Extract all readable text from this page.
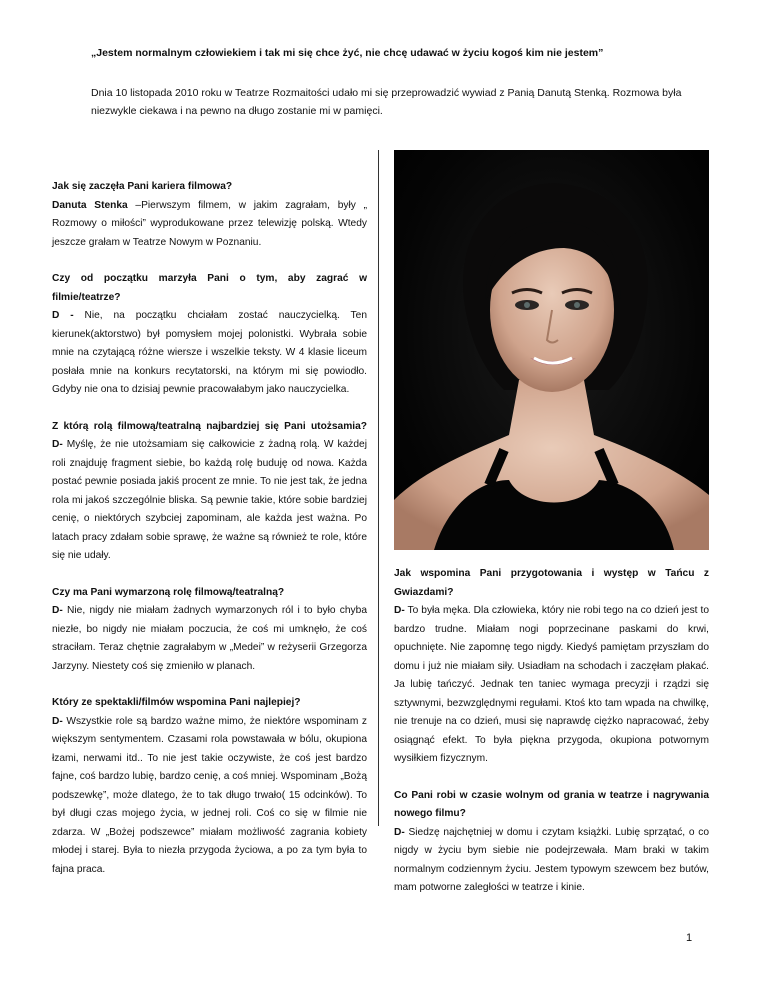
„Jestem normalnym człowiekiem i tak mi się chce żyć, nie chcę udawać w życiu kogoś kim nie jestem”
Dnia 10 listopada 2010 roku w Teatrze Rozmaitości udało mi się przeprowadzić wywiad z Panią Danutą Stenką. Rozmowa była niezwykle ciekawa i na pewno na długo zostanie mi w pamięci.
Jak się zaczęła Pani kariera filmowa?
Danuta Stenka –Pierwszym filmem, w jakim zagrałam, były „ Rozmowy o miłości” wyprodukowane przez telewizję polską. Wtedy jeszcze grałam w Teatrze Nowym w Poznaniu.
Czy od początku marzyła Pani o tym, aby zagrać w filmie/teatrze?
D - Nie, na początku chciałam zostać nauczycielką. Ten kierunek(aktorstwo) był pomysłem mojej polonistki. Wybrała sobie mnie na czytającą różne wiersze i wszelkie teksty. W 4 klasie liceum posłała mnie na konkurs recytatorski, na którym mi się powiodło. Gdyby nie ona to dzisiaj pewnie pracowałabym jako nauczycielka.
Z którą rolą filmową/teatralną najbardziej się Pani utożsamia?
D- Myślę, że nie utożsamiam się całkowicie z żadną rolą. W każdej roli znajduję fragment siebie, bo każdą rolę buduję od nowa. Każda postać pewnie posiada jakiś procent ze mnie. To nie jest tak, że jedna rola mi jakoś szczególnie bliska. Są pewnie takie, które sobie bardziej cenię, o niektórych szybciej zapominam, ale każda jest ważna. Po latach pracy zdałam sobie sprawę, że ważne są również te role, które się nie udały.
Czy ma Pani wymarzoną rolę filmową/teatralną?
D- Nie, nigdy nie miałam żadnych wymarzonych ról i to było chyba niezłe, bo nigdy nie miałam poczucia, że coś mi umknęło, że coś straciłam. Teraz chętnie zagrałabym w „Medei” w reżyserii Grzegorza Jarzyny. Niestety coś się zmieniło w planach.
Który ze spektakli/filmów wspomina Pani najlepiej?
D- Wszystkie role są bardzo ważne mimo, że niektóre wspominam z większym sentymentem. Czasami rola powstawała w bólu, okupiona łzami, nerwami itd.. To nie jest takie oczywiste, że coś jest bardzo fajne, coś bardzo lubię, bardzo cenię, a coś mniej. Wspominam „Bożą podszewkę”, może dlatego, że to tak długo trwało( 15 odcinków). To był długi czas mojego życia, w jednej roli. Coś co się w filmie nie zdarza. W „Bożej podszewce” miałam możliwość zagrania kobiety młodej i starej. Była to niezła przygoda życiowa, a po za tym była to fajna praca.
Jak wspomina Pani przygotowania i występ w Tańcu z Gwiazdami?
D- To była męka. Dla człowieka, który nie robi tego na co dzień jest to bardzo trudne. Miałam nogi poprzecinane paskami do krwi, opuchnięte. Nie zapomnę tego nigdy. Kiedyś pamiętam przyszłam do domu i już nie miałam siły. Usiadłam na schodach i zaczęłam płakać. Ja lubię tańczyć. Jednak ten taniec wymaga precyzji i rządzi się sztywnymi, bezwzględnymi regułami. Ktoś kto tam wpada na chwilkę, nie trenuje na co dzień, musi się naprawdę ciężko napracować, żeby osiągnąć efekt. To była piękna przygoda, okupiona potwornym wysiłkiem fizycznym.
Co Pani robi w czasie wolnym od grania w teatrze i nagrywania nowego filmu?
D- Siedzę najchętniej w domu i czytam książki. Lubię sprzątać, o co nigdy w życiu bym siebie nie podejrzewała. Mam braki w takim normalnym codziennym życiu. Jestem typowym szewcem bez butów, mam potworne zaległości w teatrze i kinie.
1
